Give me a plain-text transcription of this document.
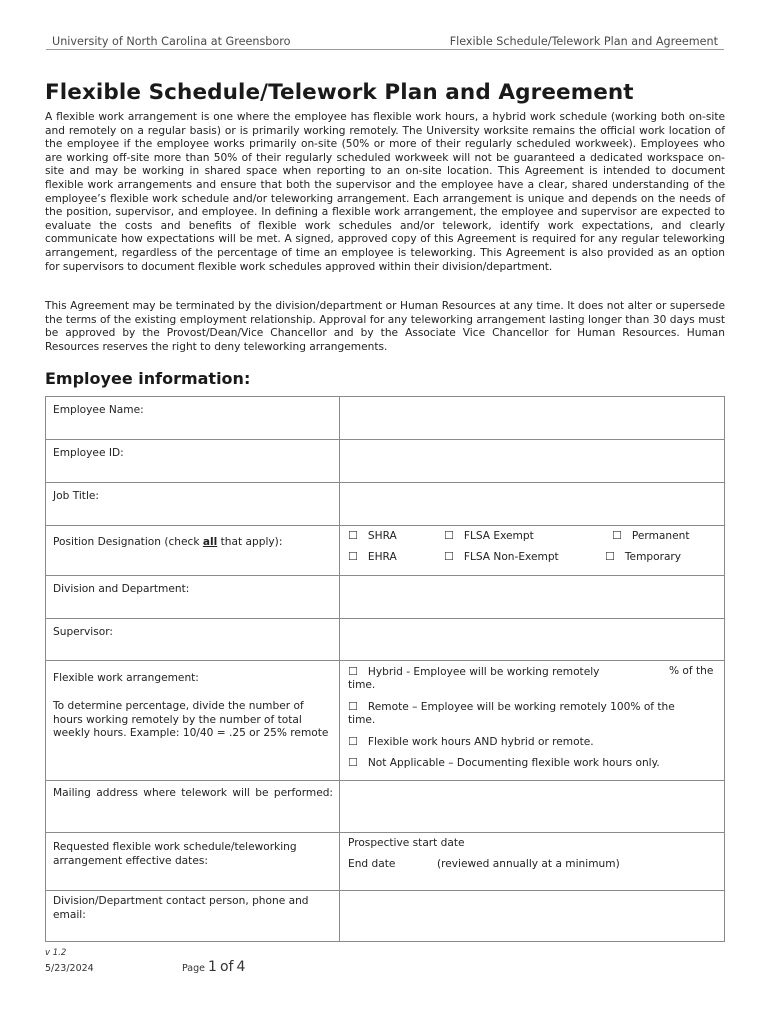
University of North Carolina at Greensboro	Flexible Schedule/Telework Plan and Agreement
Flexible Schedule/Telework Plan and Agreement
A flexible work arrangement is one where the employee has flexible work hours, a hybrid work schedule (working both on-site and remotely on a regular basis) or is primarily working remotely. The University worksite remains the official work location of the employee if the employee works primarily on-site (50% or more of their regularly scheduled workweek). Employees who are working off-site more than 50% of their regularly scheduled workweek will not be guaranteed a dedicated workspace on-site and may be working in shared space when reporting to an on-site location. This Agreement is intended to document flexible work arrangements and ensure that both the supervisor and the employee have a clear, shared understanding of the employee’s flexible work schedule and/or teleworking arrangement. Each arrangement is unique and depends on the needs of the position, supervisor, and employee. In defining a flexible work arrangement, the employee and supervisor are expected to evaluate the costs and benefits of flexible work schedules and/or telework, identify work expectations, and clearly communicate how expectations will be met. A signed, approved copy of this Agreement is required for any regular teleworking arrangement, regardless of the percentage of time an employee is teleworking. This Agreement is also provided as an option for supervisors to document flexible work schedules approved within their division/department.
This Agreement may be terminated by the division/department or Human Resources at any time. It does not alter or supersede the terms of the existing employment relationship. Approval for any teleworking arrangement lasting longer than 30 days must be approved by the Provost/Dean/Vice Chancellor and by the Associate Vice Chancellor for Human Resources. Human Resources reserves the right to deny teleworking arrangements.
Employee information:
Employee Name:
Employee ID:
Job Title:
Position Designation (check all that apply):	☐ SHRA	☐ FLSA Exempt	☐ Permanent
☐ EHRA	☐ FLSA Non-Exempt	☐ Temporary
Division and Department:
Supervisor:
Flexible work arrangement:
To determine percentage, divide the number of hours working remotely by the number of total weekly hours. Example: 10/40 = .25 or 25% remote
☐ Hybrid - Employee will be working remotely	% of the
time.
☐ Remote – Employee will be working remotely 100% of the
time.
☐ Flexible work hours AND hybrid or remote.
☐ Not Applicable – Documenting flexible work hours only.
Mailing address where telework will be performed:
Requested flexible work schedule/teleworking arrangement effective dates:
Prospective start date
End date	(reviewed annually at a minimum)
Division/Department contact person, phone and email:
v 1.2
5/23/2024	Page 1 of 4
